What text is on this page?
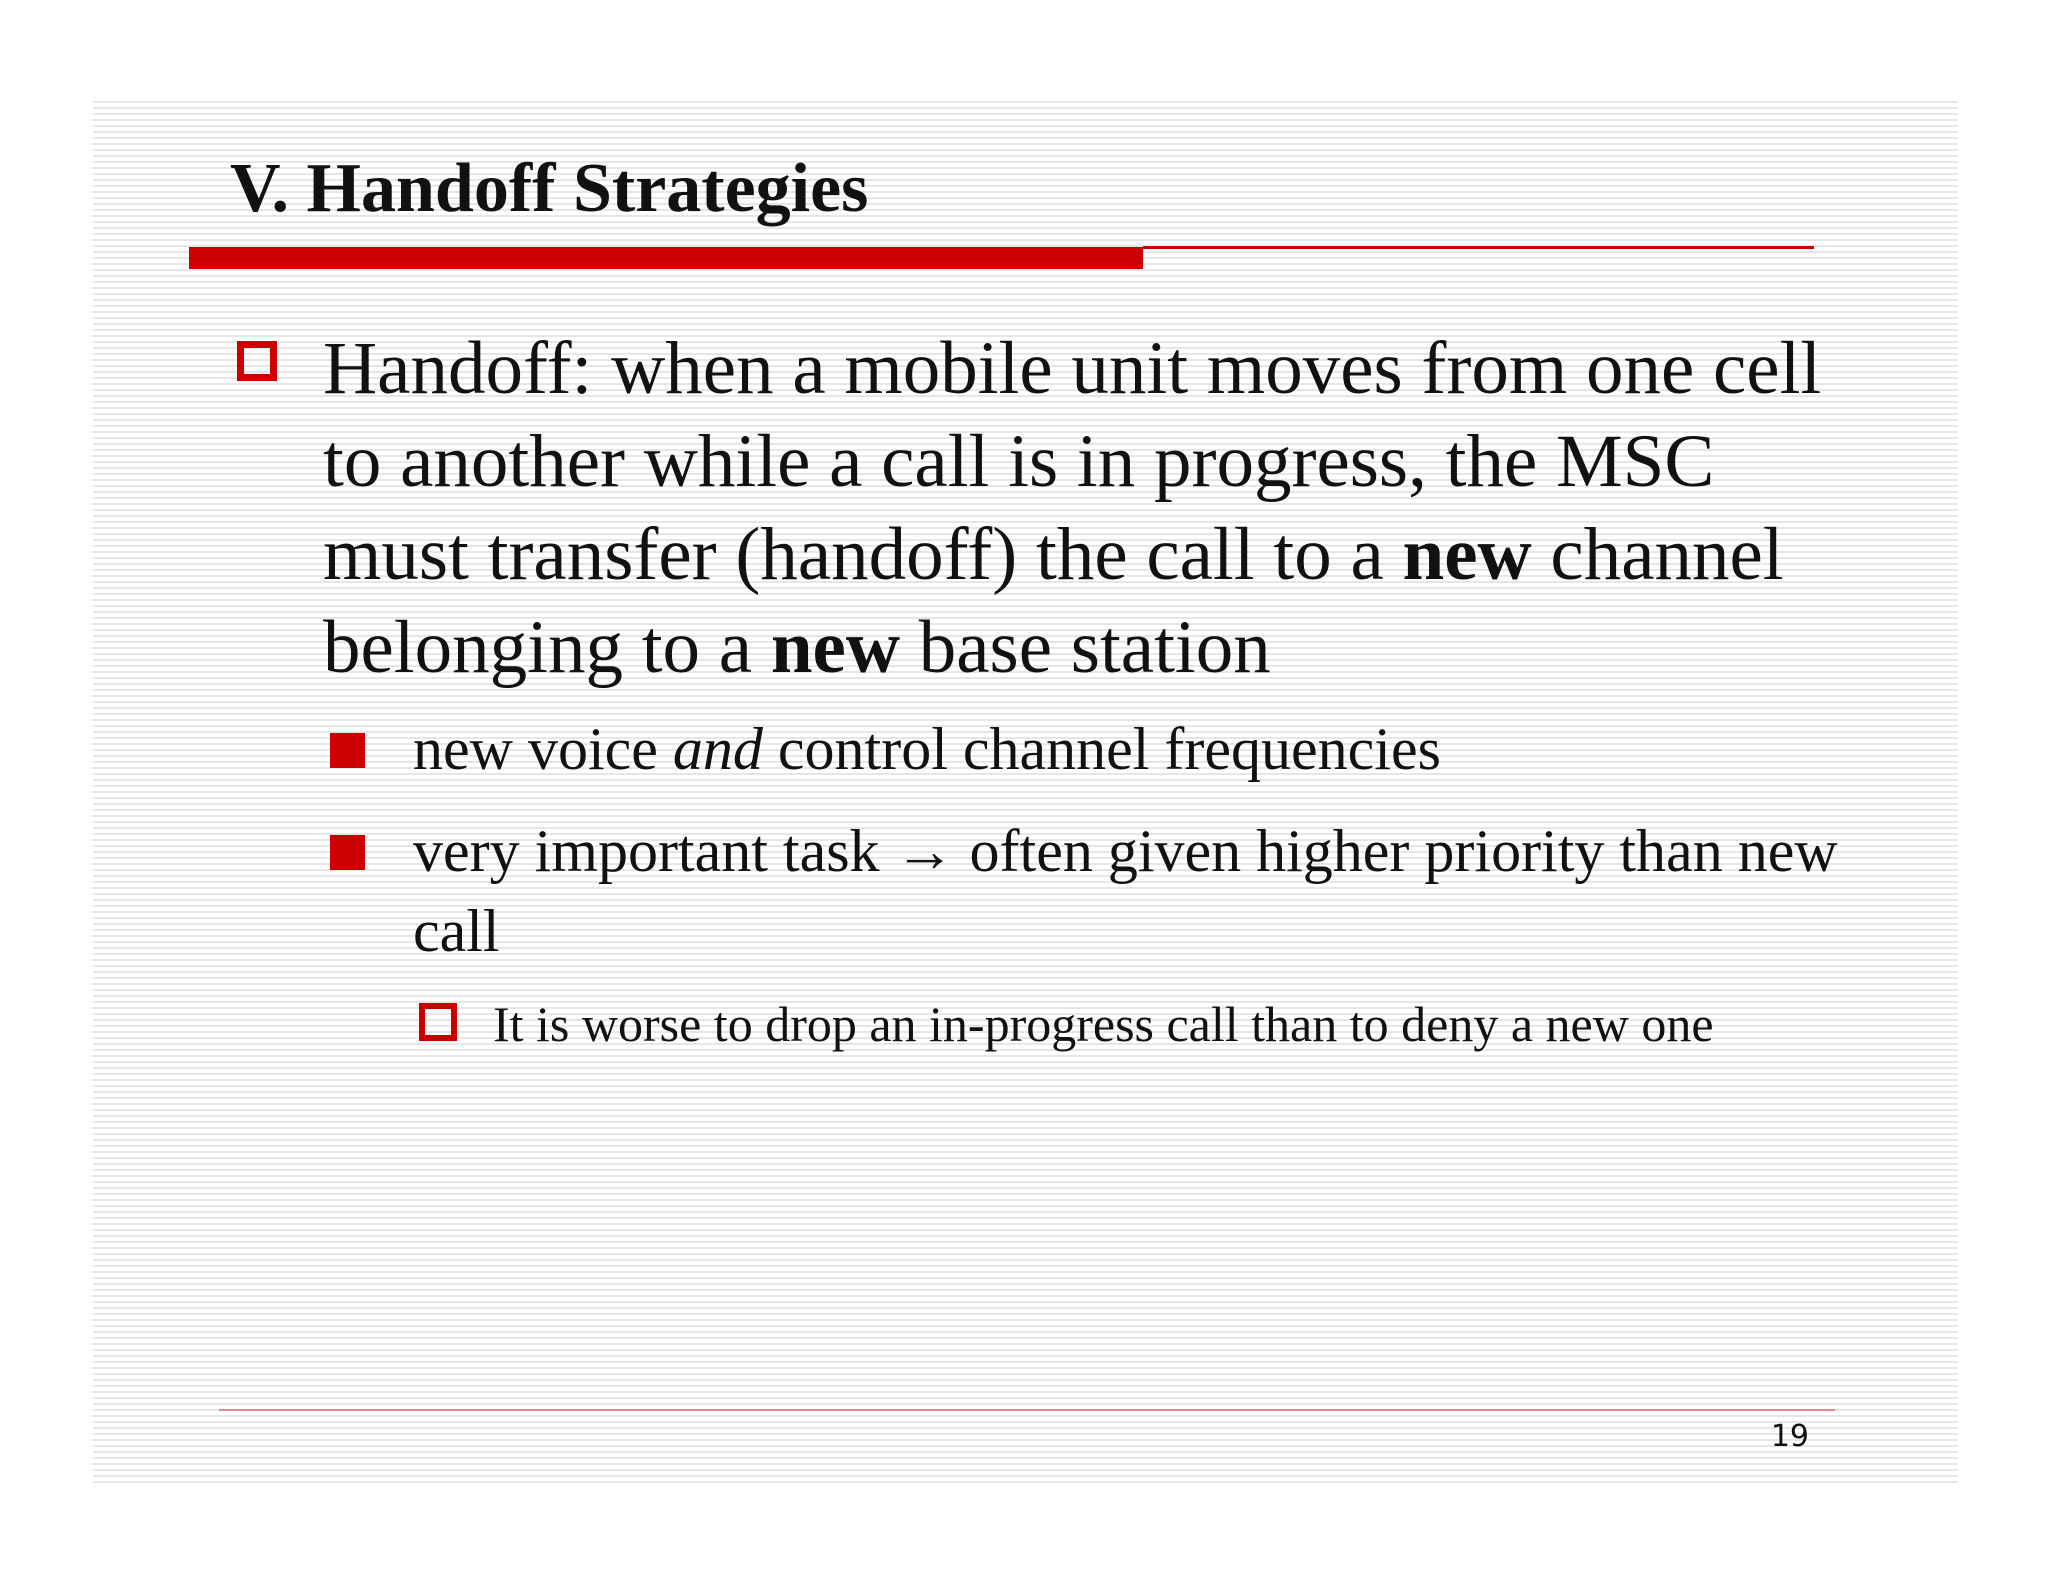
V. Handoff Strategies

Handoff: when a mobile unit moves from one cell to another while a call is in progress, the MSC must transfer (handoff) the call to a new channel belonging to a new base station

new voice and control channel frequencies

very important task → often given higher priority than new call

It is worse to drop an in-progress call than to deny a new one

19
